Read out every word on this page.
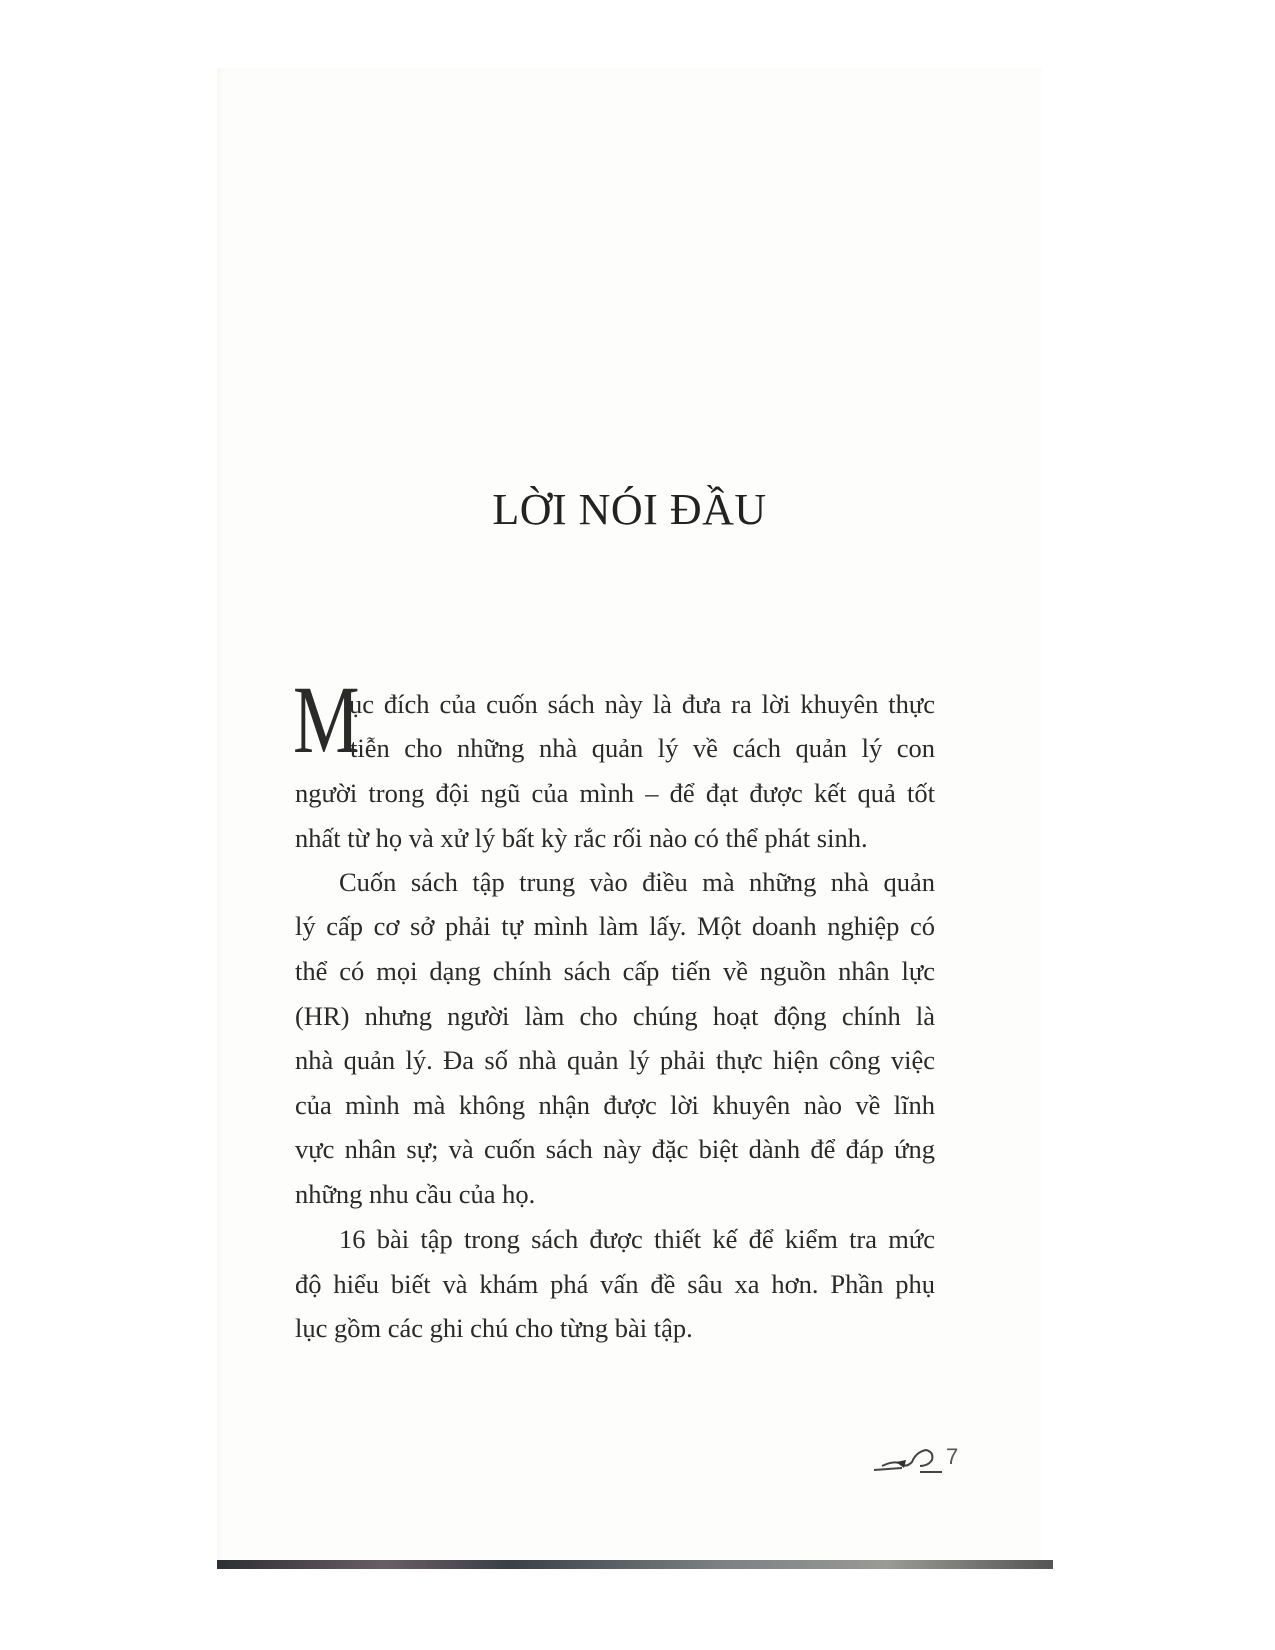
LỜI NÓI ĐẦU
M
ục đích của cuốn sách này là đưa ra lời khuyên thực
tiễn cho những nhà quản lý về cách quản lý con
người trong đội ngũ của mình – để đạt được kết quả tốt
nhất từ họ và xử lý bất kỳ rắc rối nào có thể phát sinh.
Cuốn sách tập trung vào điều mà những nhà quản
lý cấp cơ sở phải tự mình làm lấy. Một doanh nghiệp có
thể có mọi dạng chính sách cấp tiến về nguồn nhân lực
(HR) nhưng người làm cho chúng hoạt động chính là
nhà quản lý. Đa số nhà quản lý phải thực hiện công việc
của mình mà không nhận được lời khuyên nào về lĩnh
vực nhân sự; và cuốn sách này đặc biệt dành để đáp ứng
những nhu cầu của họ.
16 bài tập trong sách được thiết kế để kiểm tra mức
độ hiểu biết và khám phá vấn đề sâu xa hơn. Phần phụ
lục gồm các ghi chú cho từng bài tập.
7
